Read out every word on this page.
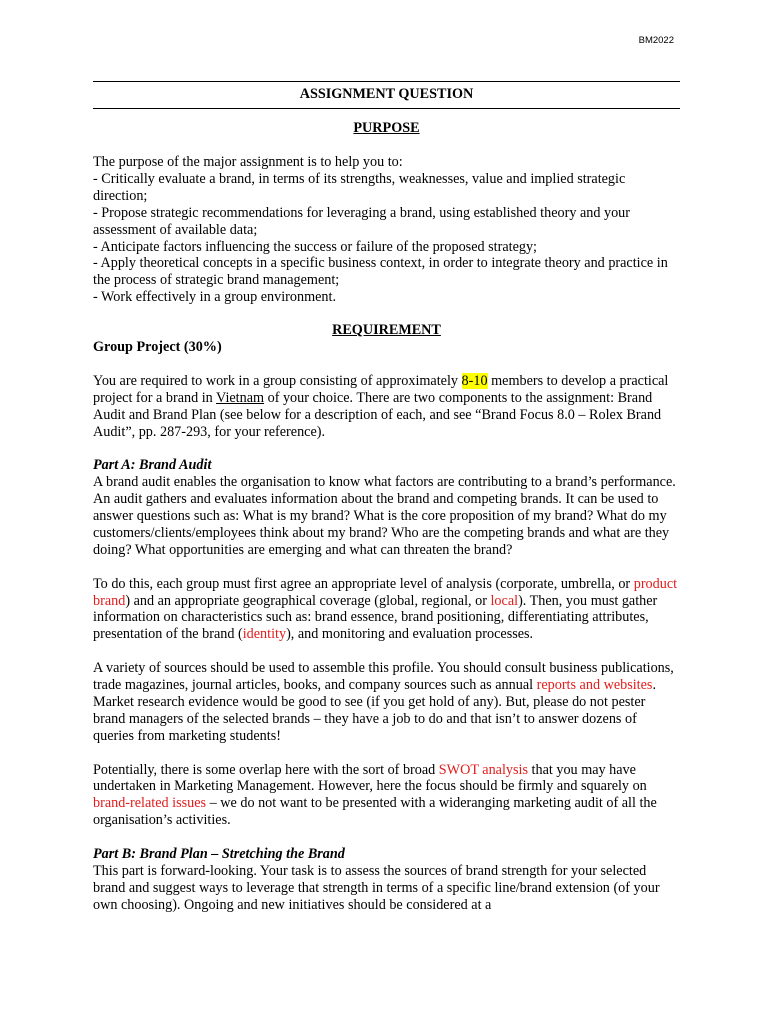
BM2022
ASSIGNMENT QUESTION
PURPOSE

The purpose of the major assignment is to help you to:

- Critically evaluate a brand, in terms of its strengths, weaknesses, value and implied strategic direction;

- Propose strategic recommendations for leveraging a brand, using established theory and your assessment of available data;

- Anticipate factors influencing the success or failure of the proposed strategy;

- Apply theoretical concepts in a specific business context, in order to integrate theory and practice in the process of strategic brand management;

- Work effectively in a group environment.

REQUIREMENT

Group Project (30%)

You are required to work in a group consisting of approximately 8-10 members to develop a practical project for a brand in Vietnam of your choice. There are two components to the assignment: Brand Audit and Brand Plan (see below for a description of each, and see “Brand Focus 8.0 – Rolex Brand Audit”, pp. 287-293, for your reference).

Part A: Brand Audit

A brand audit enables the organisation to know what factors are contributing to a brand’s performance. An audit gathers and evaluates information about the brand and competing brands. It can be used to answer questions such as: What is my brand? What is the core proposition of my brand? What do my customers/clients/employees think about my brand? Who are the competing brands and what are they doing? What opportunities are emerging and what can threaten the brand?

To do this, each group must first agree an appropriate level of analysis (corporate, umbrella, or product brand) and an appropriate geographical coverage (global, regional, or local). Then, you must gather information on characteristics such as: brand essence, brand positioning, differentiating attributes, presentation of the brand (identity), and monitoring and evaluation processes.

A variety of sources should be used to assemble this profile. You should consult business publications, trade magazines, journal articles, books, and company sources such as annual reports and websites. Market research evidence would be good to see (if you get hold of any). But, please do not pester brand managers of the selected brands – they have a job to do and that isn’t to answer dozens of queries from marketing students!

Potentially, there is some overlap here with the sort of broad SWOT analysis that you may have undertaken in Marketing Management. However, here the focus should be firmly and squarely on brand-related issues – we do not want to be presented with a wideranging marketing audit of all the organisation’s activities.

Part B: Brand Plan – Stretching the Brand

This part is forward-looking. Your task is to assess the sources of brand strength for your selected brand and suggest ways to leverage that strength in terms of a specific line/brand extension (of your own choosing). Ongoing and new initiatives should be considered at a
